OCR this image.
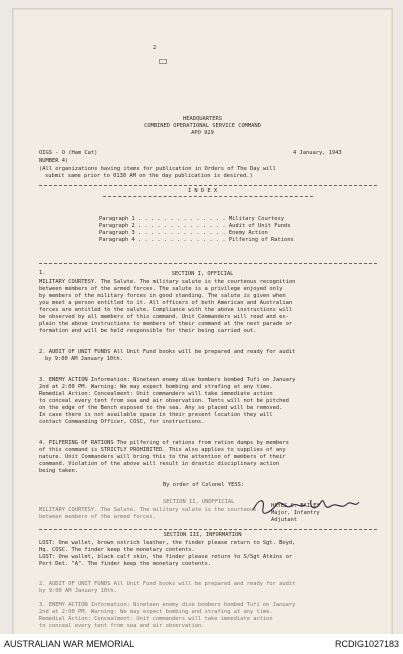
2
HEADQUARTERS
COMBINED OPERATIONAL SERVICE COMMAND
APO 929
OIGS - O (Ham Cat)	4 January, 1943
NUMBER 4)
(All organizations having items for publication in Orders of The Day will
submit same prior to 0130 AM on the day publication is desired.)
I N D E X
Paragraph 1 . . . . . . . . . . . . . . Military Courtesy
Paragraph 2 . . . . . . . . . . . . . . Audit of Unit Funds
Paragraph 3 . . . . . . . . . . . . . . Enemy Action
Paragraph 4 . . . . . . . . . . . . . . Pilfering of Rations
1.	SECTION I, OFFICIAL
MILITARY COURTESY. The Salute. The military salute is the courteous recognition
between members of the armed forces. The salute is a privilege enjoyed only
by members of the military forces in good standing. The salute is given when
you meet a person entitled to it. All officers of both American and Australian
forces are entitled to the salute. Compliance with the above instructions will
be observed by all members of this command. Unit Commanders will read and ex-
plain the above instructions to members of their command at the next parade or
formation and will be held responsible for their being carried out.
2. AUDIT OF UNIT FUNDS All Unit Fund books will be prepared and ready for audit
by 9:00 AM January 10th.
3. ENEMY ACTION Information: Nineteen enemy dive bombers bombed Tufi on January
2nd at 2:00 PM. Warning: We may expect bombing and strafing at any time.
Remedial Action: Concealment: Unit commanders will take immediate action
to conceal every tent from sea and air observation. Tents will not be pitched
on the edge of the Bench exposed to the sea. Any so placed will be removed.
In case there is not available space in their present location they will
contact Commanding Officer, COSC, for instructions.
4. PILFERING OF RATIONS The pilfering of rations from ration dumps by members
of this command is STRICTLY PROHIBITED. This also applies to supplies of any
nature. Unit Commanders will bring this to the attention of members of their
command. Violation of the above will result in drastic disciplinary action
being taken.
By order of Colonel YESS:
HAYES C. BAILEY
Major, Infantry
Adjutant
SECTION II, UNOFFICIAL
MILITARY COURTESY. The Salute. The military salute is the courteous
between members of the armed forces.
SECTION III, INFORMATION
LOST: One wallet, brown ostrich leather, the finder please return to Sgt. Boyd,
Hq. COSC. The finder keep the monetary contents.
LOST: One wallet, black calf skin, the finder please return to S/Sgt Atkins or
Port Det. "A". The finder keep the monetary contents.
2. AUDIT OF UNIT FUNDS All Unit Fund books will be prepared and ready for audit
by 9:00 AM January 10th.
3. ENEMY ACTION Information: Nineteen enemy dive bombers bombed Tufi on January
2nd at 2:00 PM. Warning: We may expect bombing and strafing at any time.
Remedial Action: Concealment: Unit commanders will take immediate action
to conceal every tent from sea and air observation.
AUSTRALIAN WAR MEMORIAL	RCDIG1027183
